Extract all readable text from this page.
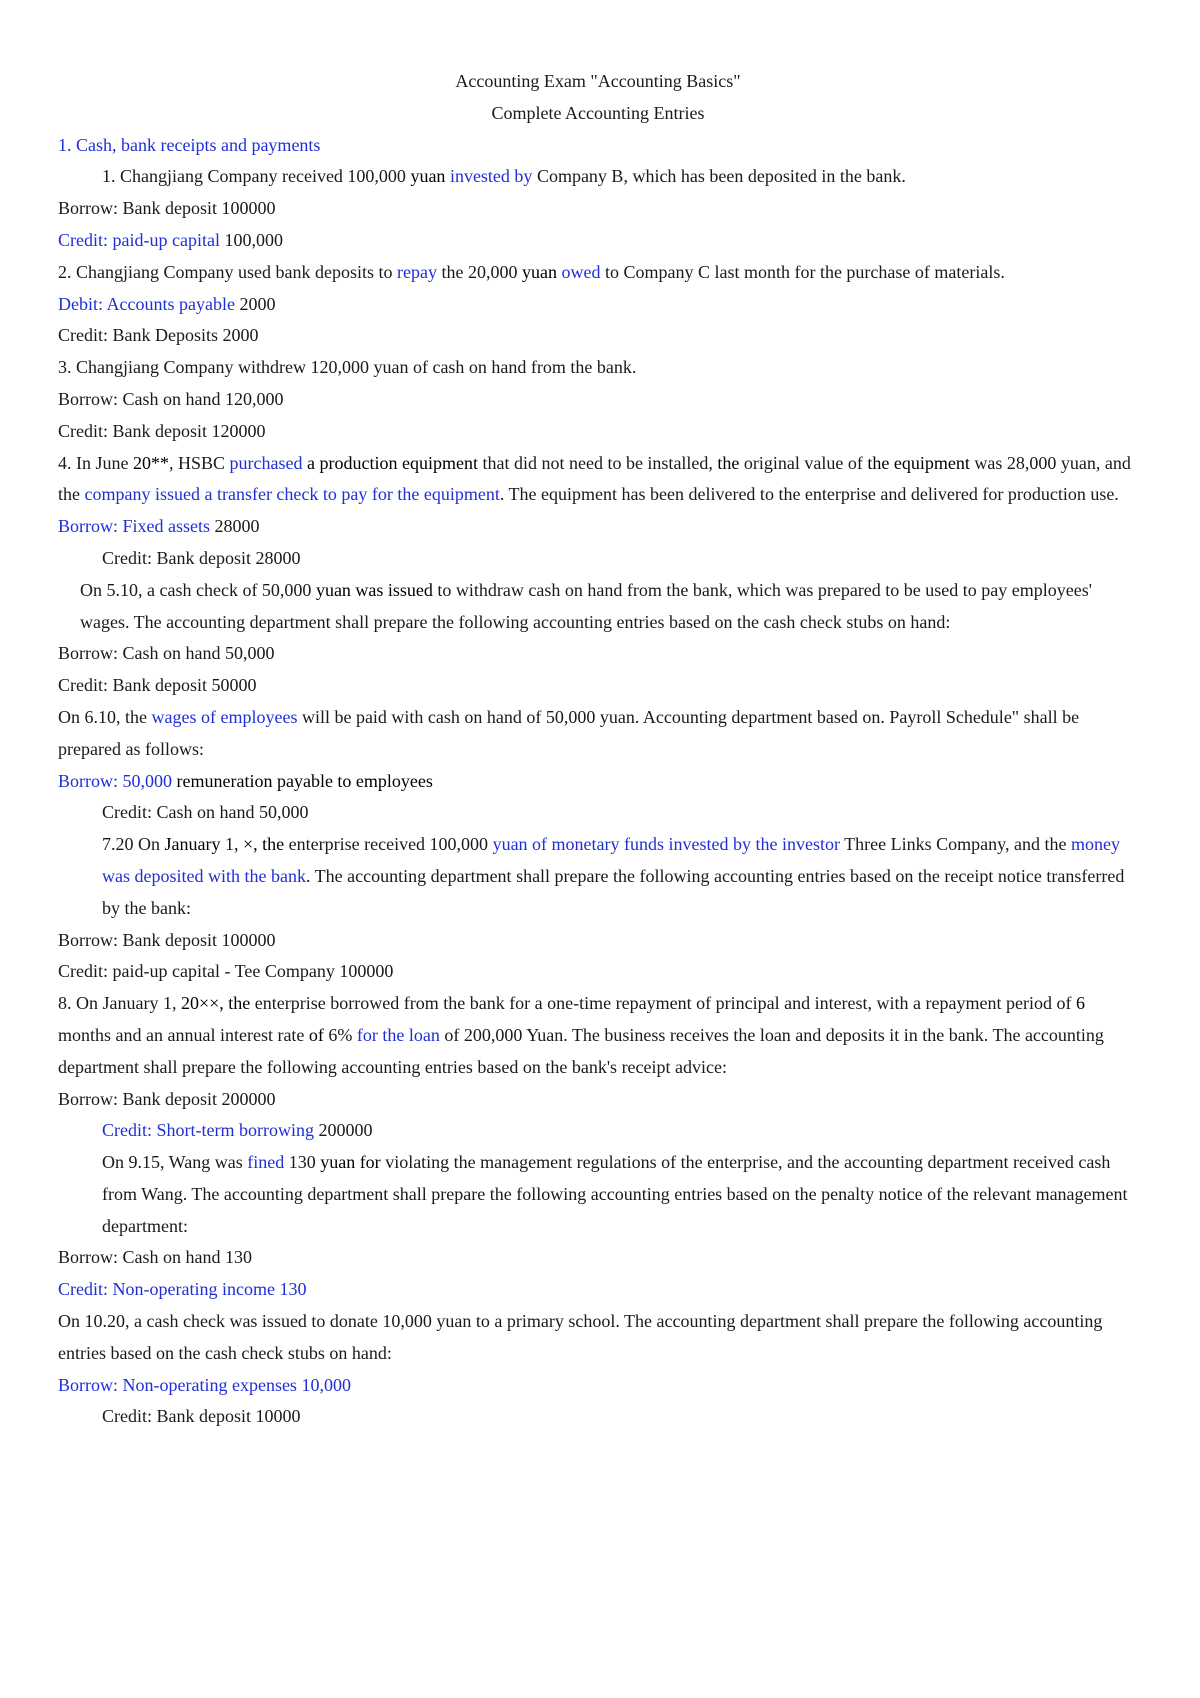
Accounting Exam "Accounting Basics"
Complete Accounting Entries
1. Cash, bank receipts and payments
1. Changjiang Company received 100,000 yuan invested by Company B, which has been deposited in the bank.
Borrow: Bank deposit 100000
Credit: paid-up capital 100,000
2. Changjiang Company used bank deposits to repay the 20,000 yuan owed to Company C last month for the purchase of materials.
Debit: Accounts payable 2000
Credit: Bank Deposits 2000
3. Changjiang Company withdrew 120,000 yuan of cash on hand from the bank.
Borrow: Cash on hand 120,000
Credit: Bank deposit 120000
4. In June 20**, HSBC purchased a production equipment that did not need to be installed, the original value of the equipment was 28,000 yuan, and the company issued a transfer check to pay for the equipment. The equipment has been delivered to the enterprise and delivered for production use.
Borrow: Fixed assets 28000
Credit: Bank deposit 28000
On 5.10, a cash check of 50,000 yuan was issued to withdraw cash on hand from the bank, which was prepared to be used to pay employees' wages. The accounting department shall prepare the following accounting entries based on the cash check stubs on hand:
Borrow: Cash on hand 50,000
Credit: Bank deposit 50000
On 6.10, the wages of employees will be paid with cash on hand of 50,000 yuan. Accounting department based on. Payroll Schedule" shall be prepared as follows:
Borrow: 50,000 remuneration payable to employees
Credit: Cash on hand 50,000
7.20 On January 1, ×, the enterprise received 100,000 yuan of monetary funds invested by the investor Three Links Company, and the money was deposited with the bank. The accounting department shall prepare the following accounting entries based on the receipt notice transferred by the bank:
Borrow: Bank deposit 100000
Credit: paid-up capital - Tee Company 100000
8. On January 1, 20××, the enterprise borrowed from the bank for a one-time repayment of principal and interest, with a repayment period of 6 months and an annual interest rate of 6% for the loan of 200,000 Yuan. The business receives the loan and deposits it in the bank. The accounting department shall prepare the following accounting entries based on the bank's receipt advice:
Borrow: Bank deposit 200000
Credit: Short-term borrowing 200000
On 9.15, Wang was fined 130 yuan for violating the management regulations of the enterprise, and the accounting department received cash from Wang. The accounting department shall prepare the following accounting entries based on the penalty notice of the relevant management department:
Borrow: Cash on hand 130
Credit: Non-operating income 130
On 10.20, a cash check was issued to donate 10,000 yuan to a primary school. The accounting department shall prepare the following accounting entries based on the cash check stubs on hand:
Borrow: Non-operating expenses 10,000
Credit: Bank deposit 10000
